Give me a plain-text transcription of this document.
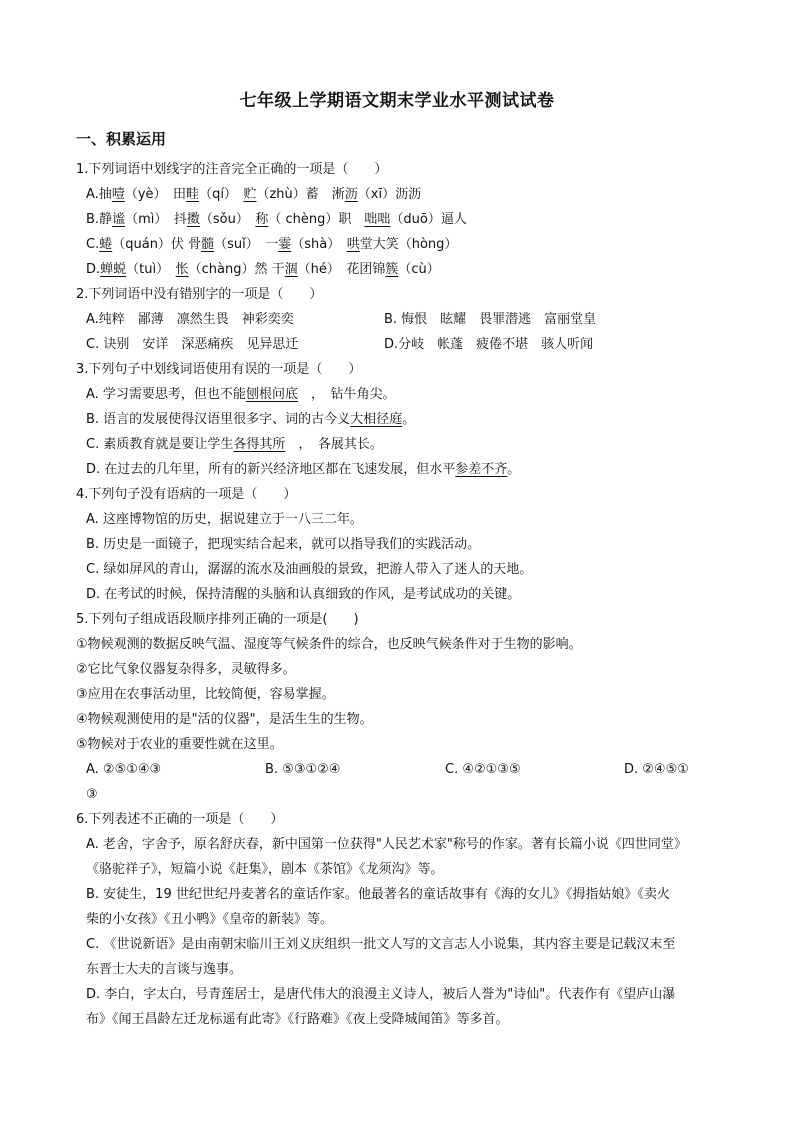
七年级上学期语文期末学业水平测试试卷
一、积累运用
1.下列词语中划线字的注音完全正确的一项是（　　）
A.抽噎（yè）　田畦（qí）　贮（zhù）蓄　淅沥（xī）沥沥
B.静谧（mì）　抖擞（sǒu）　称（ chèng）职　咄咄（duō）逼人
C.蜷（quán）伏 骨髓（suǐ）　一霎（shà）　哄堂大笑（hòng）
D.蝉蜕（tuì）　怅（chàng）然 干涸（hé）　花团锦簇（cù）
2.下列词语中没有错别字的一项是（　　）
A.纯粹　鄙薄　凛然生畏　神彩奕奕	B. 悔恨　眩耀　畏罪潜逃　富丽堂皇
C. 诀别　安详　深恶痛疾　见异思迁	D.分岐　帐蓬　疲倦不堪　骇人听闻
3.下列句子中划线词语使用有误的一项是（　　）
A. 学习需要思考，但也不能刨根问底　，　钻牛角尖。
B. 语言的发展使得汉语里很多字、词的古今义大相径庭。
C. 素质教育就是要让学生各得其所　，　各展其长。
D. 在过去的几年里，所有的新兴经济地区都在飞速发展，但水平参差不齐。
4.下列句子没有语病的一项是（　　）
A. 这座博物馆的历史，据说建立于一八三二年。
B. 历史是一面镜子，把现实结合起来，就可以指导我们的实践活动。
C. 绿如屏风的青山，潺潺的流水及油画般的景致，把游人带入了迷人的天地。
D. 在考试的时候，保持清醒的头脑和认真细致的作风，是考试成功的关键。
5.下列句子组成语段顺序排列正确的一项是(　　)
①物候观测的数据反映气温、湿度等气候条件的综合，也反映气候条件对于生物的影响。
②它比气象仪器复杂得多，灵敏得多。
③应用在农事活动里，比较简便，容易掌握。
④物候观测使用的是"活的仪器"，是活生生的生物。
⑤物候对于农业的重要性就在这里。
A. ②⑤①④③	B. ⑤③①②④	C. ④②①③⑤	D. ②④⑤①
③
6.下列表述不正确的一项是（　　）
A. 老舍，字舍予，原名舒庆春，新中国第一位获得"人民艺术家"称号的作家。著有长篇小说《四世同堂》
《骆驼祥子》，短篇小说《赶集》，剧本《茶馆》《龙须沟》等。
B. 安徒生，19 世纪世纪丹麦著名的童话作家。他最著名的童话故事有《海的女儿》《拇指姑娘》《卖火
柴的小女孩》《丑小鸭》《皇帝的新装》等。
C. 《世说新语》是由南朝宋临川王刘义庆组织一批文人写的文言志人小说集，其内容主要是记载汉末至
东晋士大夫的言谈与逸事。
D. 李白，字太白，号青莲居士，是唐代伟大的浪漫主义诗人，被后人誉为"诗仙"。代表作有《望庐山瀑
布》《闻王昌龄左迁龙标遥有此寄》《行路难》《夜上受降城闻笛》等多首。
